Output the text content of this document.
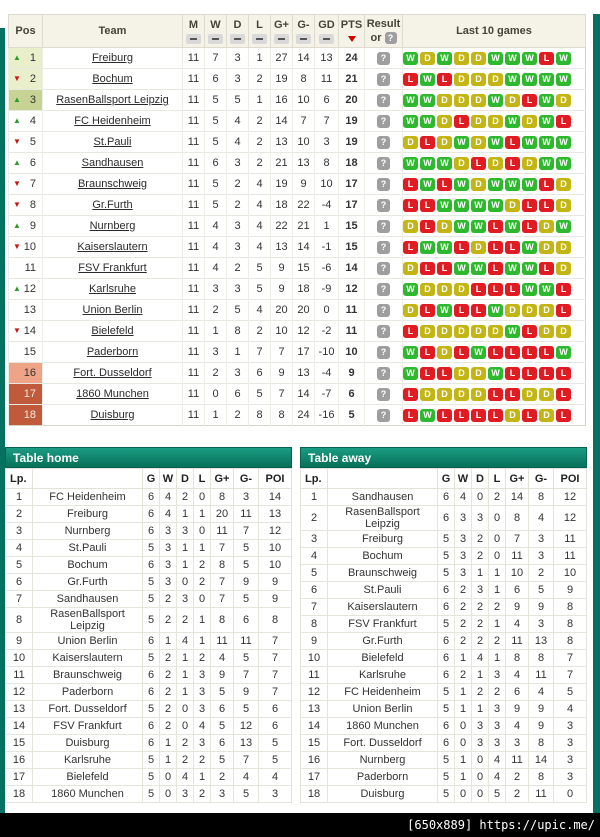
Pos	Team	M	W	D	L	G+	G-	GD	PTS	Result
or ?	Last 10 games

▲ 1	Freiburg	11	7	3	1	27	14	13	24	?	W	D	W	D	D	W W W	L	W

▼ 2	Bochum	11	6	3	2	19	8	11	21	?	L	W	L	D	D	D	W W W W

▲ 3	RasenBallsport Leipzig	11	5	5	1	16	10	6	20	?	W W	D	D	D	W	D	L	W	D

▲ 4	FC Heidenheim	11	5	4	2	14	7	7	19	?	W W	D	L	D	D	W	D	W	L

▼ 5	St.Pauli	11	5	4	2	13	10	3	19	?	D	L	D	W	D	W	L	W W W

▲ 6	Sandhausen	11	6	3	2	21	13	8	18	?	W W W	D	L	D	L	D	W W

▼ 7	Braunschweig	11	5	2	4	19	9	10	17	?	L	W	L	W	D	W W W	L	D

▼ 8	Gr.Furth	11	5	2	4	18	22	-4	17	?	L	L	W W W W	D	L	L	D

▲ 9	Nurnberg	11	4	3	4	22	21	1	15	?	D	L	D	W W	L	W	L	D	W

▼ 10	Kaiserslautern	11	4	3	4	13	14	-1	15	?	L	W W	L	D	L	L	W	D	D

11	FSV Frankfurt	11	4	2	5	9	15	-6	14	?	D	L	L	W W	L	W W	L	D

▲ 12	Karlsruhe	11	3	3	5	9	18	-9	12	?	W	D	D	D	L	L	L	W W	L

13	Union Berlin	11	2	5	4	20	20	0	11	?	D	L	W	L	L	W	D	D	D	L

▼ 14	Bielefeld	11	1	8	2	10	12	-2	11	?	L	D	D	D	D	D	W	L	D	D

15	Paderborn	11	3	1	7	7	17	-10	10	?	W	L	D	L	W	L	L	L	L	W

16	Fort. Dusseldorf	11	2	3	6	9	13	-4	9	?	W	L	L	D	D	W	L	L	L	L

17	1860 Munchen	11	0	6	5	7	14	-7	6	?	L	D	D	D	D	L	L	D	D	L

18	Duisburg	11	1	2	8	8	24	-16	5	?	L	W	L	L	L	L	D	L	D	L
Table home
Lp.		G	W	D	L	G+	G-	POI
1	FC Heidenheim	6	4	2	0	8	3	14
2	Freiburg	6	4	1	1	20	11	13
3	Nurnberg	6	3	3	0	11	7	12
4	St.Pauli	5	3	1	1	7	5	10
5	Bochum	6	3	1	2	8	5	10
6	Gr.Furth	5	3	0	2	7	9	9
7	Sandhausen	5	2	3	0	7	5	9
8	RasenBallsport Leipzig	5	2	2	1	8	6	8
9	Union Berlin	6	1	4	1	11	11	7
10	Kaiserslautern	5	2	1	2	4	5	7
11	Braunschweig	6	2	1	3	9	7	7
12	Paderborn	6	2	1	3	5	9	7
13	Fort. Dusseldorf	5	2	0	3	6	5	6
14	FSV Frankfurt	6	2	0	4	5	12	6
15	Duisburg	6	1	2	3	6	13	5
16	Karlsruhe	5	1	2	2	5	7	5
17	Bielefeld	5	0	4	1	2	4	4
18	1860 Munchen	5	0	3	2	3	5	3
Table away
Lp.		G	W	D	L	G+	G-	POI
1	Sandhausen	6	4	0	2	14	8	12
2	RasenBallsport Leipzig	6	3	3	0	8	4	12
3	Freiburg	5	3	2	0	7	3	11
4	Bochum	5	3	2	0	11	3	11
5	Braunschweig	5	3	1	1	10	2	10
6	St.Pauli	6	2	3	1	6	5	9
7	Kaiserslautern	6	2	2	2	9	9	8
8	FSV Frankfurt	5	2	2	1	4	3	8
9	Gr.Furth	6	2	2	2	11	13	8
10	Bielefeld	6	1	4	1	8	8	7
11	Karlsruhe	6	2	1	3	4	11	7
12	FC Heidenheim	5	1	2	2	6	4	5
13	Union Berlin	5	1	1	3	9	9	4
14	1860 Munchen	6	0	3	3	4	9	3
15	Fort. Dusseldorf	6	0	3	3	3	8	3
16	Nurnberg	5	1	0	4	11	14	3
17	Paderborn	5	1	0	4	2	8	3
18	Duisburg	5	0	0	5	2	11	0
[650x889] https://upic.me/
